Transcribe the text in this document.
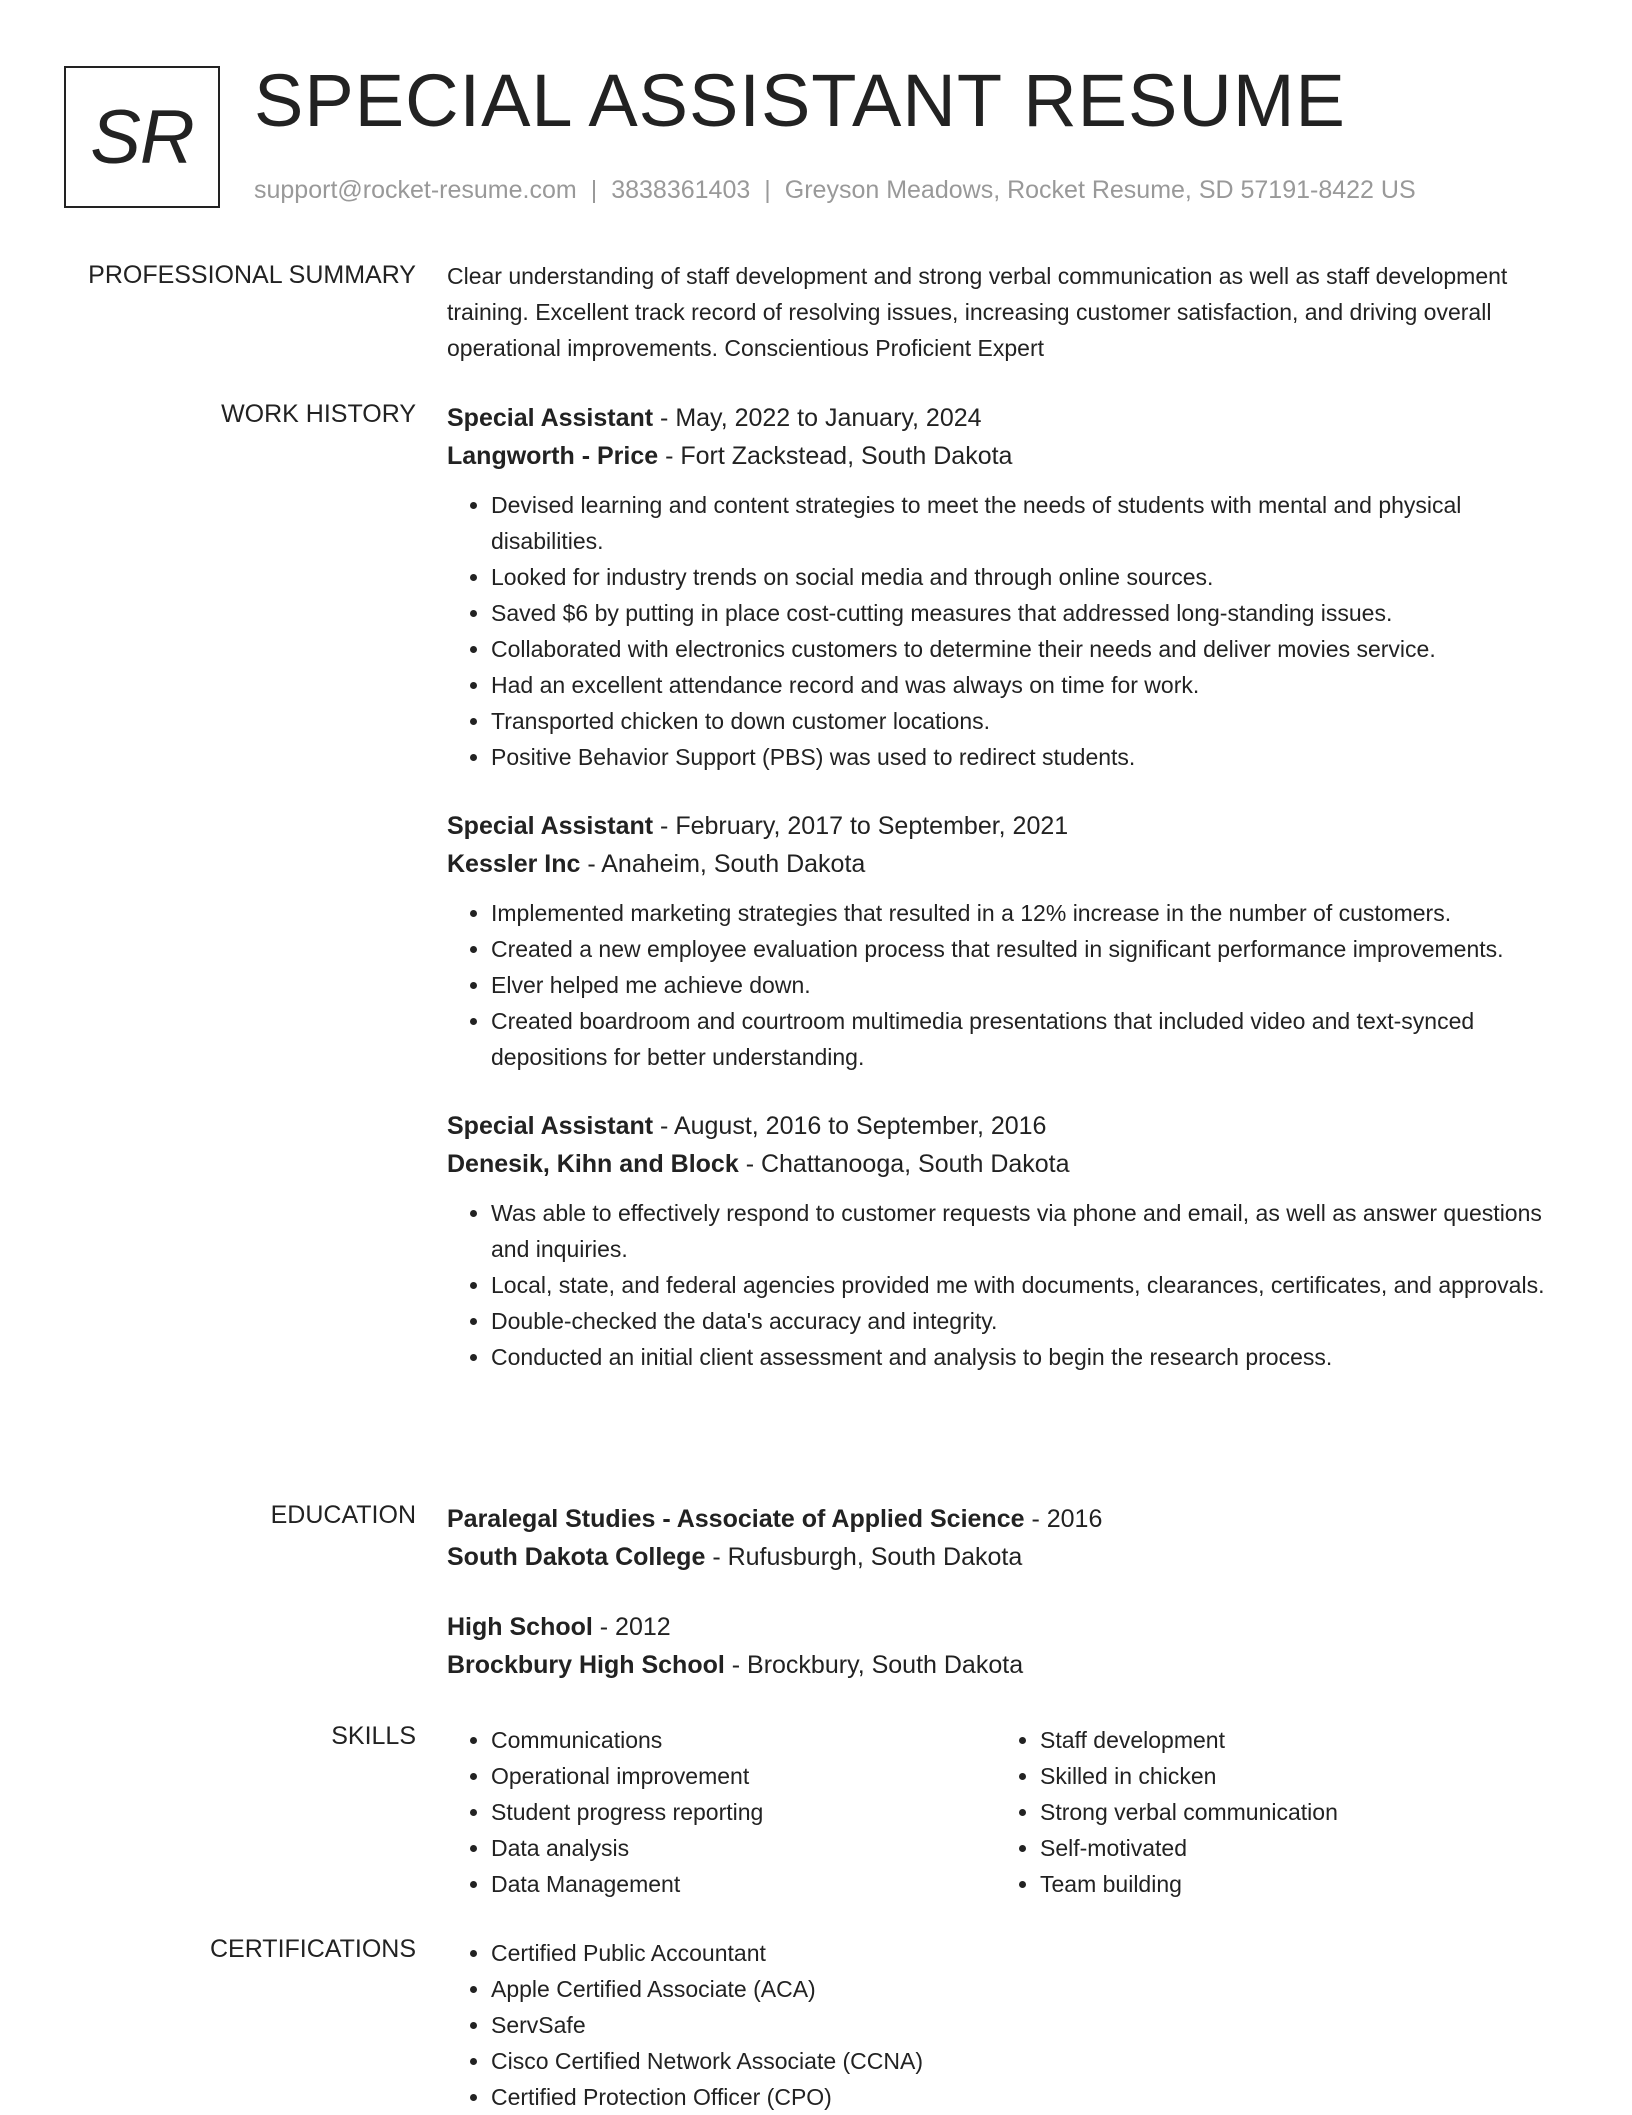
SR SPECIAL ASSISTANT RESUME
support@rocket-resume.com | 3838361403 | Greyson Meadows, Rocket Resume, SD 57191-8422 US
PROFESSIONAL SUMMARY Clear understanding of staff development and strong verbal communication as well as staff development training. Excellent track record of resolving issues, increasing customer satisfaction, and driving overall operational improvements. Conscientious Proficient Expert
WORK HISTORY Special Assistant - May, 2022 to January, 2024

Langworth - Price - Fort Zackstead, South Dakota

• Devised learning and content strategies to meet the needs of students with mental and physical disabilities.
• Looked for industry trends on social media and through online sources.
• Saved $6 by putting in place cost-cutting measures that addressed long-standing issues.
• Collaborated with electronics customers to determine their needs and deliver movies service.
• Had an excellent attendance record and was always on time for work.
• Transported chicken to down customer locations.
• Positive Behavior Support (PBS) was used to redirect students.

Special Assistant - February, 2017 to September, 2021

Kessler Inc - Anaheim, South Dakota

• Implemented marketing strategies that resulted in a 12% increase in the number of customers.
• Created a new employee evaluation process that resulted in significant performance improvements.
• Elver helped me achieve down.
• Created boardroom and courtroom multimedia presentations that included video and text-synced depositions for better understanding.

Special Assistant - August, 2016 to September, 2016

Denesik, Kihn and Block - Chattanooga, South Dakota

• Was able to effectively respond to customer requests via phone and email, as well as answer questions and inquiries.
• Local, state, and federal agencies provided me with documents, clearances, certificates, and approvals.
• Double-checked the data's accuracy and integrity.
• Conducted an initial client assessment and analysis to begin the research process.
EDUCATION Paralegal Studies - Associate of Applied Science - 2016

South Dakota College - Rufusburgh, South Dakota

High School - 2012

Brockbury High School - Brockbury, South Dakota

SKILLS	• Communications
• Operational improvement
• Student progress reporting
• Data analysis
• Data Management
• Staff development
• Skilled in chicken
• Strong verbal communication
• Self-motivated
• Team building
CERTIFICATIONS	• Certified Public Accountant
• Apple Certified Associate (ACA)
• ServSafe
• Cisco Certified Network Associate (CCNA)
• Certified Protection Officer (CPO)
